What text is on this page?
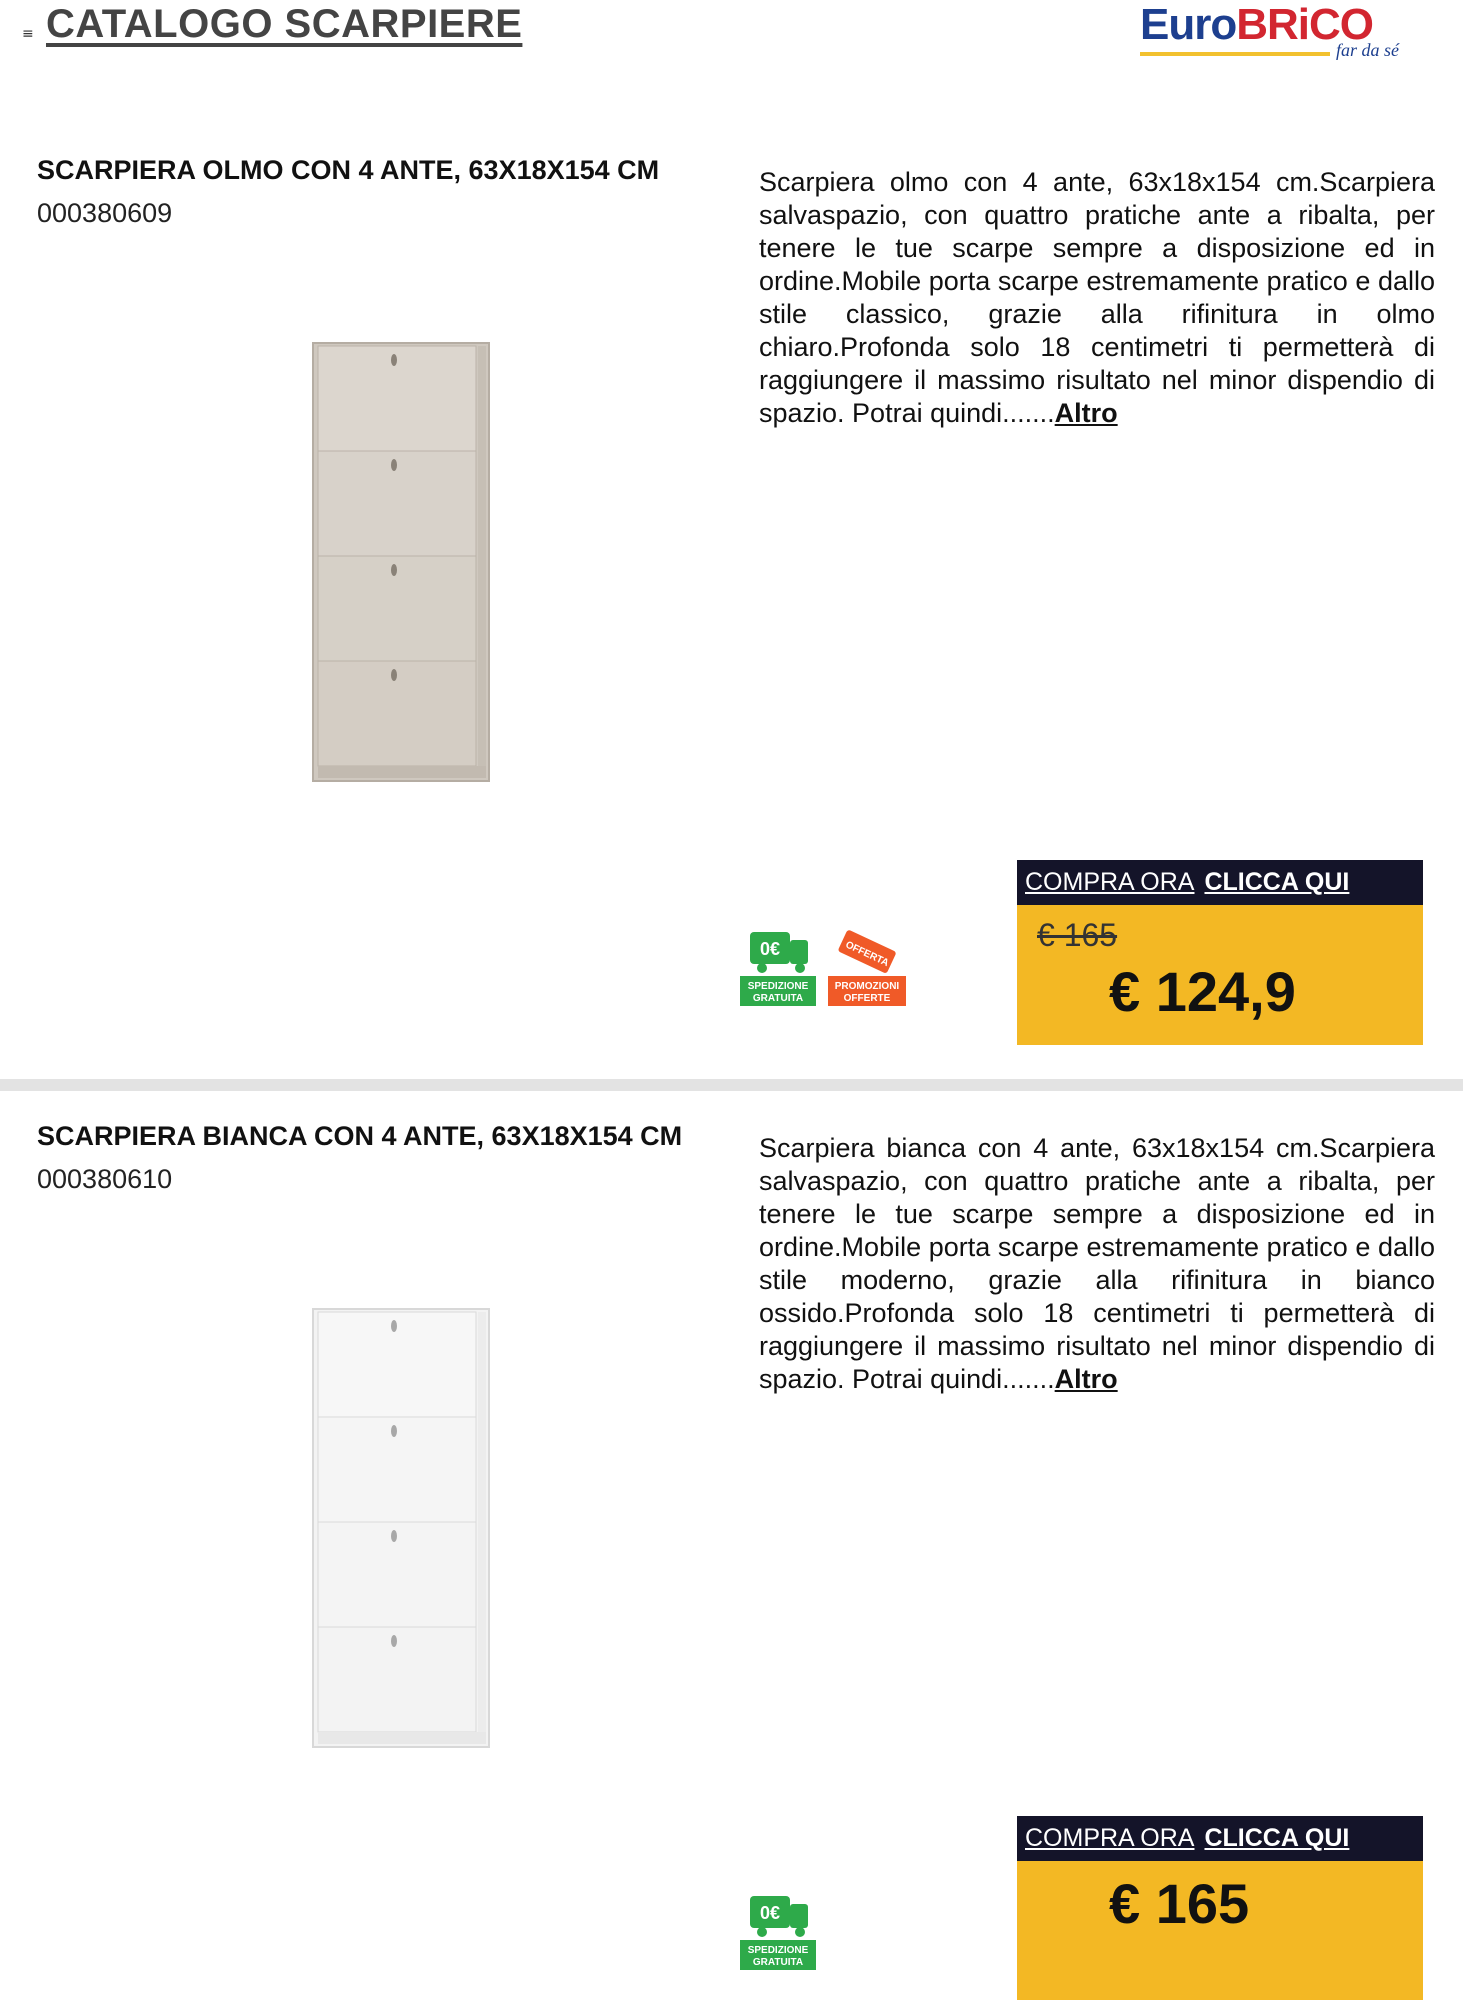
≡ CATALOGO SCARPIERE	EuroBRiCO
far da sé
SCARPIERA OLMO CON 4 ANTE, 63X18X154 CM
000380609
Scarpiera olmo con 4 ante, 63x18x154 cm.Scarpiera salvaspazio, con quattro pratiche ante a ribalta, per tenere le tue scarpe sempre a disposizione ed in ordine.Mobile porta scarpe estremamente pratico e dallo stile classico, grazie alla rifinitura in olmo chiaro.Profonda solo 18 centimetri ti permetterà di raggiungere il massimo risultato nel minor dispendio di spazio. Potrai quindi.......Altro
0€
SPEDIZIONE
GRATUITA
OFFERTA
PROMOZIONI
OFFERTE
COMPRA ORA CLICCA QUI
€ 165
€ 124,9
SCARPIERA BIANCA CON 4 ANTE, 63X18X154 CM
000380610
Scarpiera bianca con 4 ante, 63x18x154 cm.Scarpiera salvaspazio, con quattro pratiche ante a ribalta, per tenere le tue scarpe sempre a disposizione ed in ordine.Mobile porta scarpe estremamente pratico e dallo stile moderno, grazie alla rifinitura in bianco ossido.Profonda solo 18 centimetri ti permetterà di raggiungere il massimo risultato nel minor dispendio di spazio. Potrai quindi.......Altro
0€
SPEDIZIONE
GRATUITA
COMPRA ORA CLICCA QUI
€ 165
